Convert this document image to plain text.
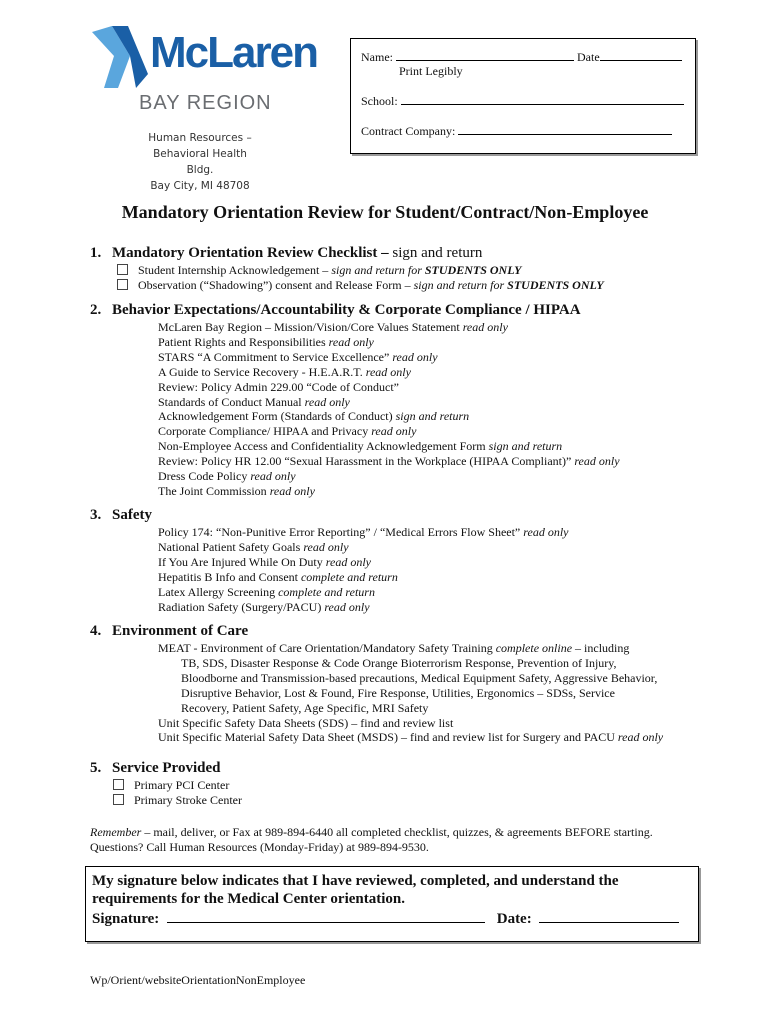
McLaren
BAY REGION
Human Resources –
Behavioral Health Bldg.
Bay City, MI 48708
Name:	Date
Print Legibly
School:
Contract Company:
Mandatory Orientation Review for Student/Contract/Non-Employee
1. Mandatory Orientation Review Checklist – sign and return
Student Internship Acknowledgement – sign and return for STUDENTS ONLY
Observation (“Shadowing”) consent and Release Form – sign and return for STUDENTS ONLY
2. Behavior Expectations/Accountability & Corporate Compliance / HIPAA
McLaren Bay Region – Mission/Vision/Core Values Statement read only
Patient Rights and Responsibilities read only
STARS “A Commitment to Service Excellence” read only
A Guide to Service Recovery - H.E.A.R.T. read only
Review: Policy Admin 229.00 “Code of Conduct”
Standards of Conduct Manual read only
Acknowledgement Form (Standards of Conduct) sign and return
Corporate Compliance/ HIPAA and Privacy read only
Non-Employee Access and Confidentiality Acknowledgement Form sign and return
Review: Policy HR 12.00 “Sexual Harassment in the Workplace (HIPAA Compliant)” read only
Dress Code Policy read only
The Joint Commission read only
3. Safety
Policy 174: “Non-Punitive Error Reporting” / “Medical Errors Flow Sheet” read only
National Patient Safety Goals read only
If You Are Injured While On Duty read only
Hepatitis B Info and Consent complete and return
Latex Allergy Screening complete and return
Radiation Safety (Surgery/PACU) read only
4. Environment of Care
MEAT - Environment of Care Orientation/Mandatory Safety Training complete online – including
TB, SDS, Disaster Response & Code Orange Bioterrorism Response, Prevention of Injury,
Bloodborne and Transmission-based precautions, Medical Equipment Safety, Aggressive Behavior,
Disruptive Behavior, Lost & Found, Fire Response, Utilities, Ergonomics – SDSs, Service
Recovery, Patient Safety, Age Specific, MRI Safety
Unit Specific Safety Data Sheets (SDS) – find and review list
Unit Specific Material Safety Data Sheet (MSDS) – find and review list for Surgery and PACU read only
5. Service Provided
Primary PCI Center
Primary Stroke Center
Remember – mail, deliver, or Fax at 989-894-6440 all completed checklist, quizzes, & agreements BEFORE starting.
Questions? Call Human Resources (Monday-Friday) at 989-894-9530.
My signature below indicates that I have reviewed, completed, and understand the
requirements for the Medical Center orientation.
Signature:	Date:
Wp/Orient/websiteOrientationNonEmployee
